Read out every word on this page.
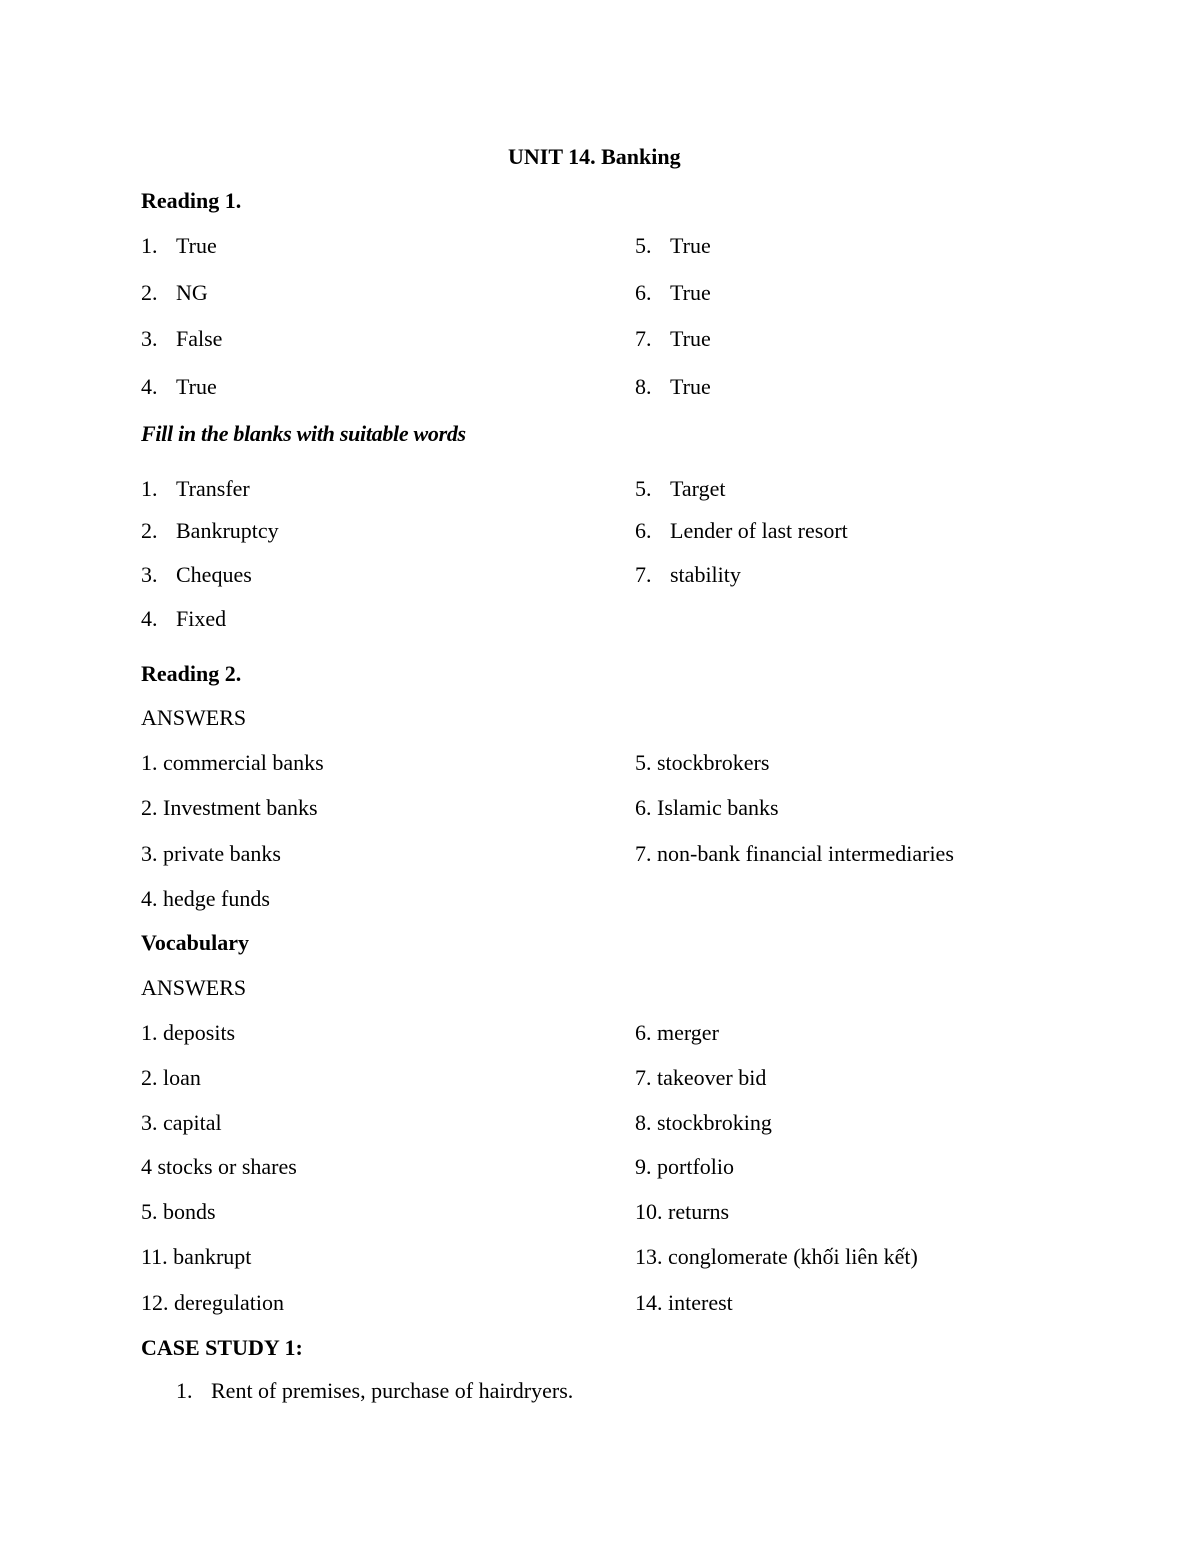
UNIT 14. Banking
Reading 1.
1. True
2. NG
3. False
4. True
5. True
6. True
7. True
8. True
Fill in the blanks with suitable words
1. Transfer
2. Bankruptcy
3. Cheques
4. Fixed
5. Target
6. Lender of last resort
7. stability
Reading 2.
ANSWERS
1. commercial banks
2. Investment banks
3. private banks
4. hedge funds
5. stockbrokers
6. Islamic banks
7. non-bank financial intermediaries
Vocabulary
ANSWERS
1. deposits
2. loan
3. capital
4 stocks or shares
5. bonds
11. bankrupt
12. deregulation
6. merger
7. takeover bid
8. stockbroking
9. portfolio
10. returns
13. conglomerate (khối liên kết)
14. interest
CASE STUDY 1:
1. Rent of premises, purchase of hairdryers.
